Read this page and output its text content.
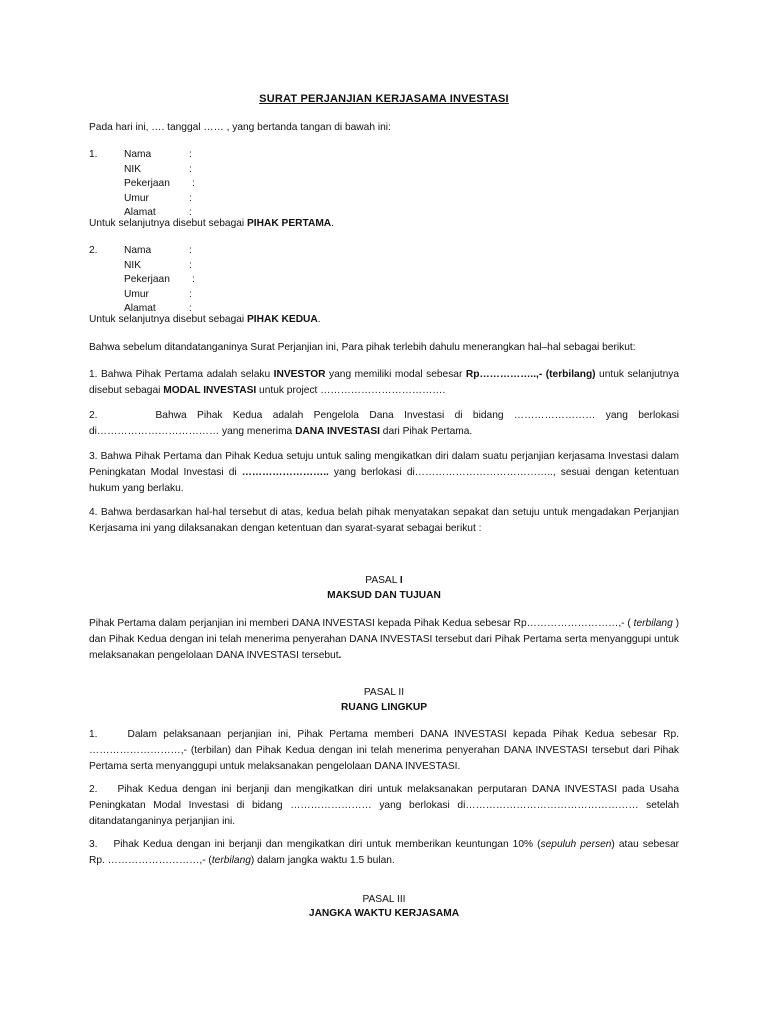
SURAT PERJANJIAN KERJASAMA INVESTASI
Pada hari ini, …. tanggal …… , yang bertanda tangan di bawah ini:
1.	Nama	:
NIK	:
Pekerjaan :
Umur	:
Alamat	:
Untuk selanjutnya disebut sebagai PIHAK PERTAMA.
2.	Nama	:
NIK	:
Pekerjaan :
Umur	:
Alamat	:
Untuk selanjutnya disebut sebagai PIHAK KEDUA.
Bahwa sebelum ditandatanganinya Surat Perjanjian ini, Para pihak terlebih dahulu menerangkan hal–hal sebagai berikut:
1. Bahwa Pihak Pertama adalah selaku INVESTOR yang memiliki modal sebesar Rp……………..,- (terbilang) untuk selanjutnya disebut sebagai MODAL INVESTASI untuk project ……………………………….
2.	Bahwa Pihak Kedua adalah Pengelola Dana Investasi di bidang …………………… yang berlokasi di……………………………… yang menerima DANA INVESTASI dari Pihak Pertama.
3. Bahwa Pihak Pertama dan Pihak Kedua setuju untuk saling mengikatkan diri dalam suatu perjanjian kerjasama Investasi dalam Peningkatan Modal Investasi di …………………….. yang berlokasi di………………………………….., sesuai dengan ketentuan hukum yang berlaku.
4. Bahwa berdasarkan hal-hal tersebut di atas, kedua belah pihak menyatakan sepakat dan setuju untuk mengadakan Perjanjian Kerjasama ini yang dilaksanakan dengan ketentuan dan syarat-syarat sebagai berikut :
PASAL I
MAKSUD DAN TUJUAN
Pihak Pertama dalam perjanjian ini memberi DANA INVESTASI kepada Pihak Kedua sebesar Rp………………………,- ( terbilang ) dan Pihak Kedua dengan ini telah menerima penyerahan DANA INVESTASI tersebut dari Pihak Pertama serta menyanggupi untuk melaksanakan pengelolaan DANA INVESTASI tersebut.
PASAL II
RUANG LINGKUP
1.	Dalam pelaksanaan perjanjian ini, Pihak Pertama memberi DANA INVESTASI kepada Pihak Kedua sebesar Rp. ………………………,- (terbilan) dan Pihak Kedua dengan ini telah menerima penyerahan DANA INVESTASI tersebut dari Pihak Pertama serta menyanggupi untuk melaksanakan pengelolaan DANA INVESTASI.
2. Pihak Kedua dengan ini berjanji dan mengikatkan diri untuk melaksanakan perputaran DANA INVESTASI pada Usaha Peningkatan Modal Investasi di bidang …………………… yang berlokasi di…………………………………………… setelah ditandatanganinya perjanjian ini.
3. Pihak Kedua dengan ini berjanji dan mengikatkan diri untuk memberikan keuntungan 10% (sepuluh persen) atau sebesar Rp. ………………………,- (terbilang) dalam jangka waktu 1.5 bulan.
PASAL III
JANGKA WAKTU KERJASAMA
